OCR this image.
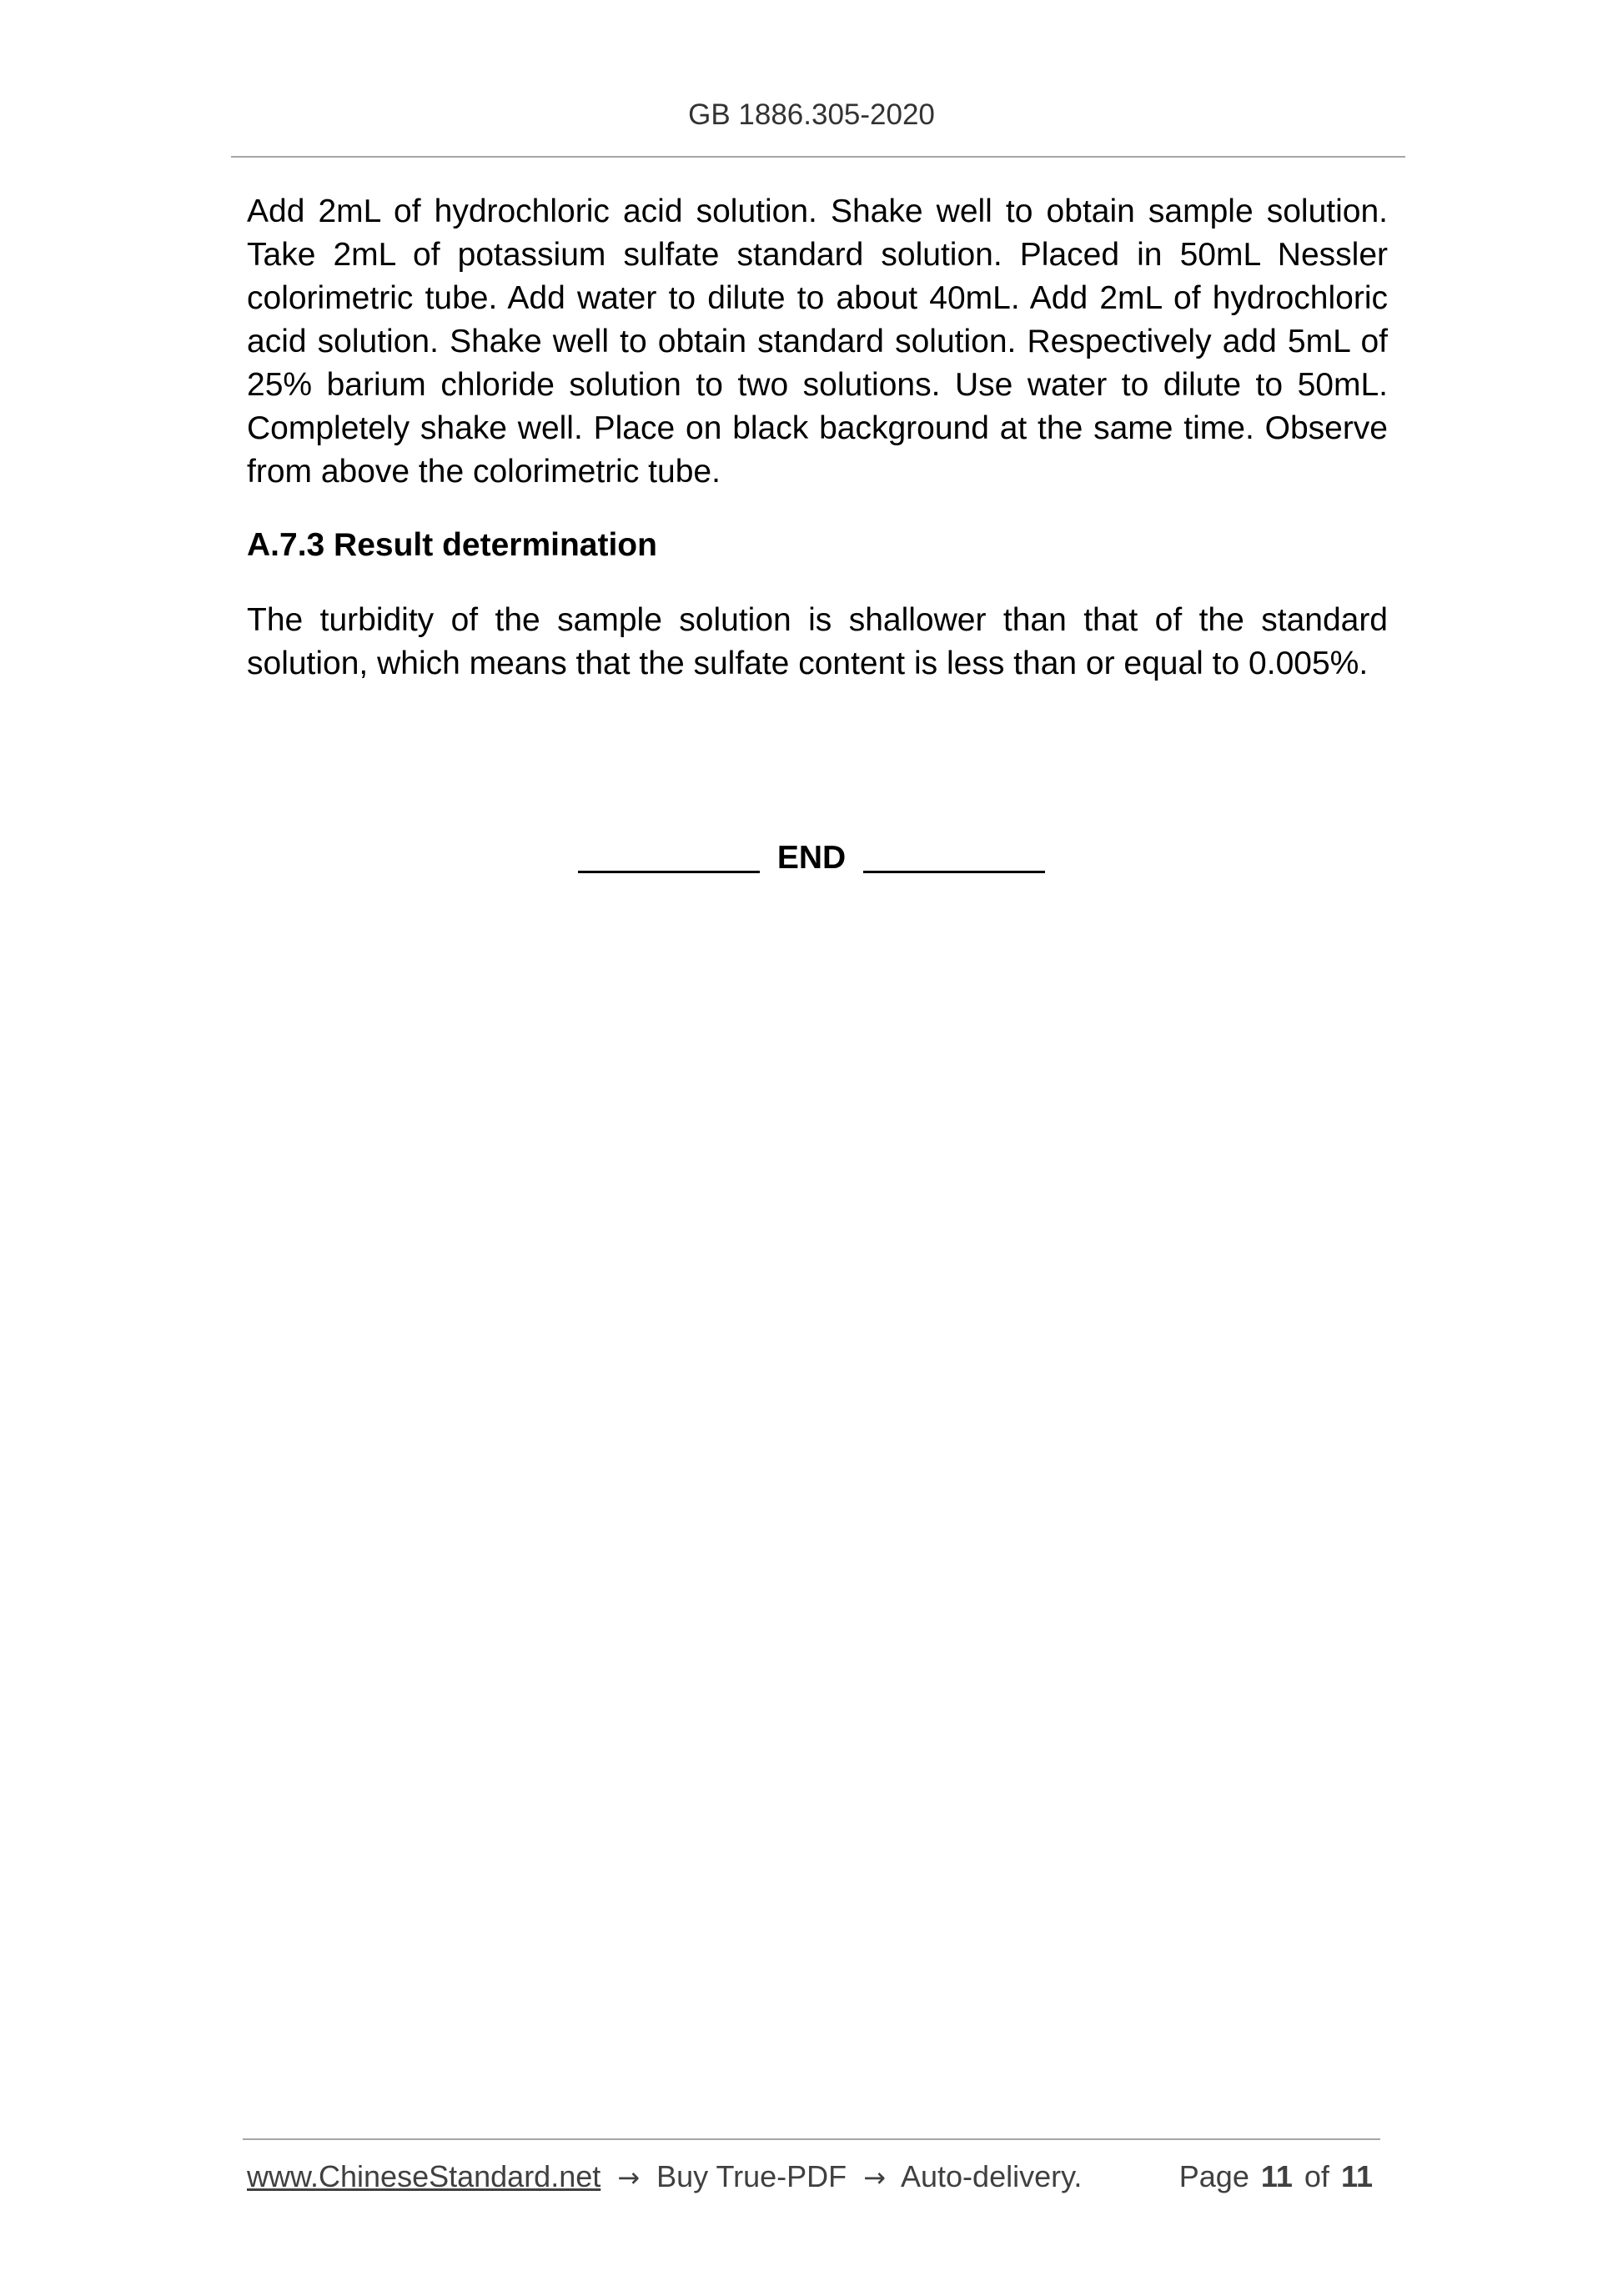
GB 1886.305-2020

Add 2mL of hydrochloric acid solution. Shake well to obtain sample solution. Take 2mL of potassium sulfate standard solution. Placed in 50mL Nessler colorimetric tube. Add water to dilute to about 40mL. Add 2mL of hydrochloric acid solution. Shake well to obtain standard solution. Respectively add 5mL of 25% barium chloride solution to two solutions. Use water to dilute to 50mL. Completely shake well. Place on black background at the same time. Observe from above the colorimetric tube.

A.7.3 Result determination

The turbidity of the sample solution is shallower than that of the standard solution, which means that the sulfate content is less than or equal to 0.005%.

END
www.ChineseStandard.net → Buy True-PDF → Auto-delivery.	Page 11 of 11
